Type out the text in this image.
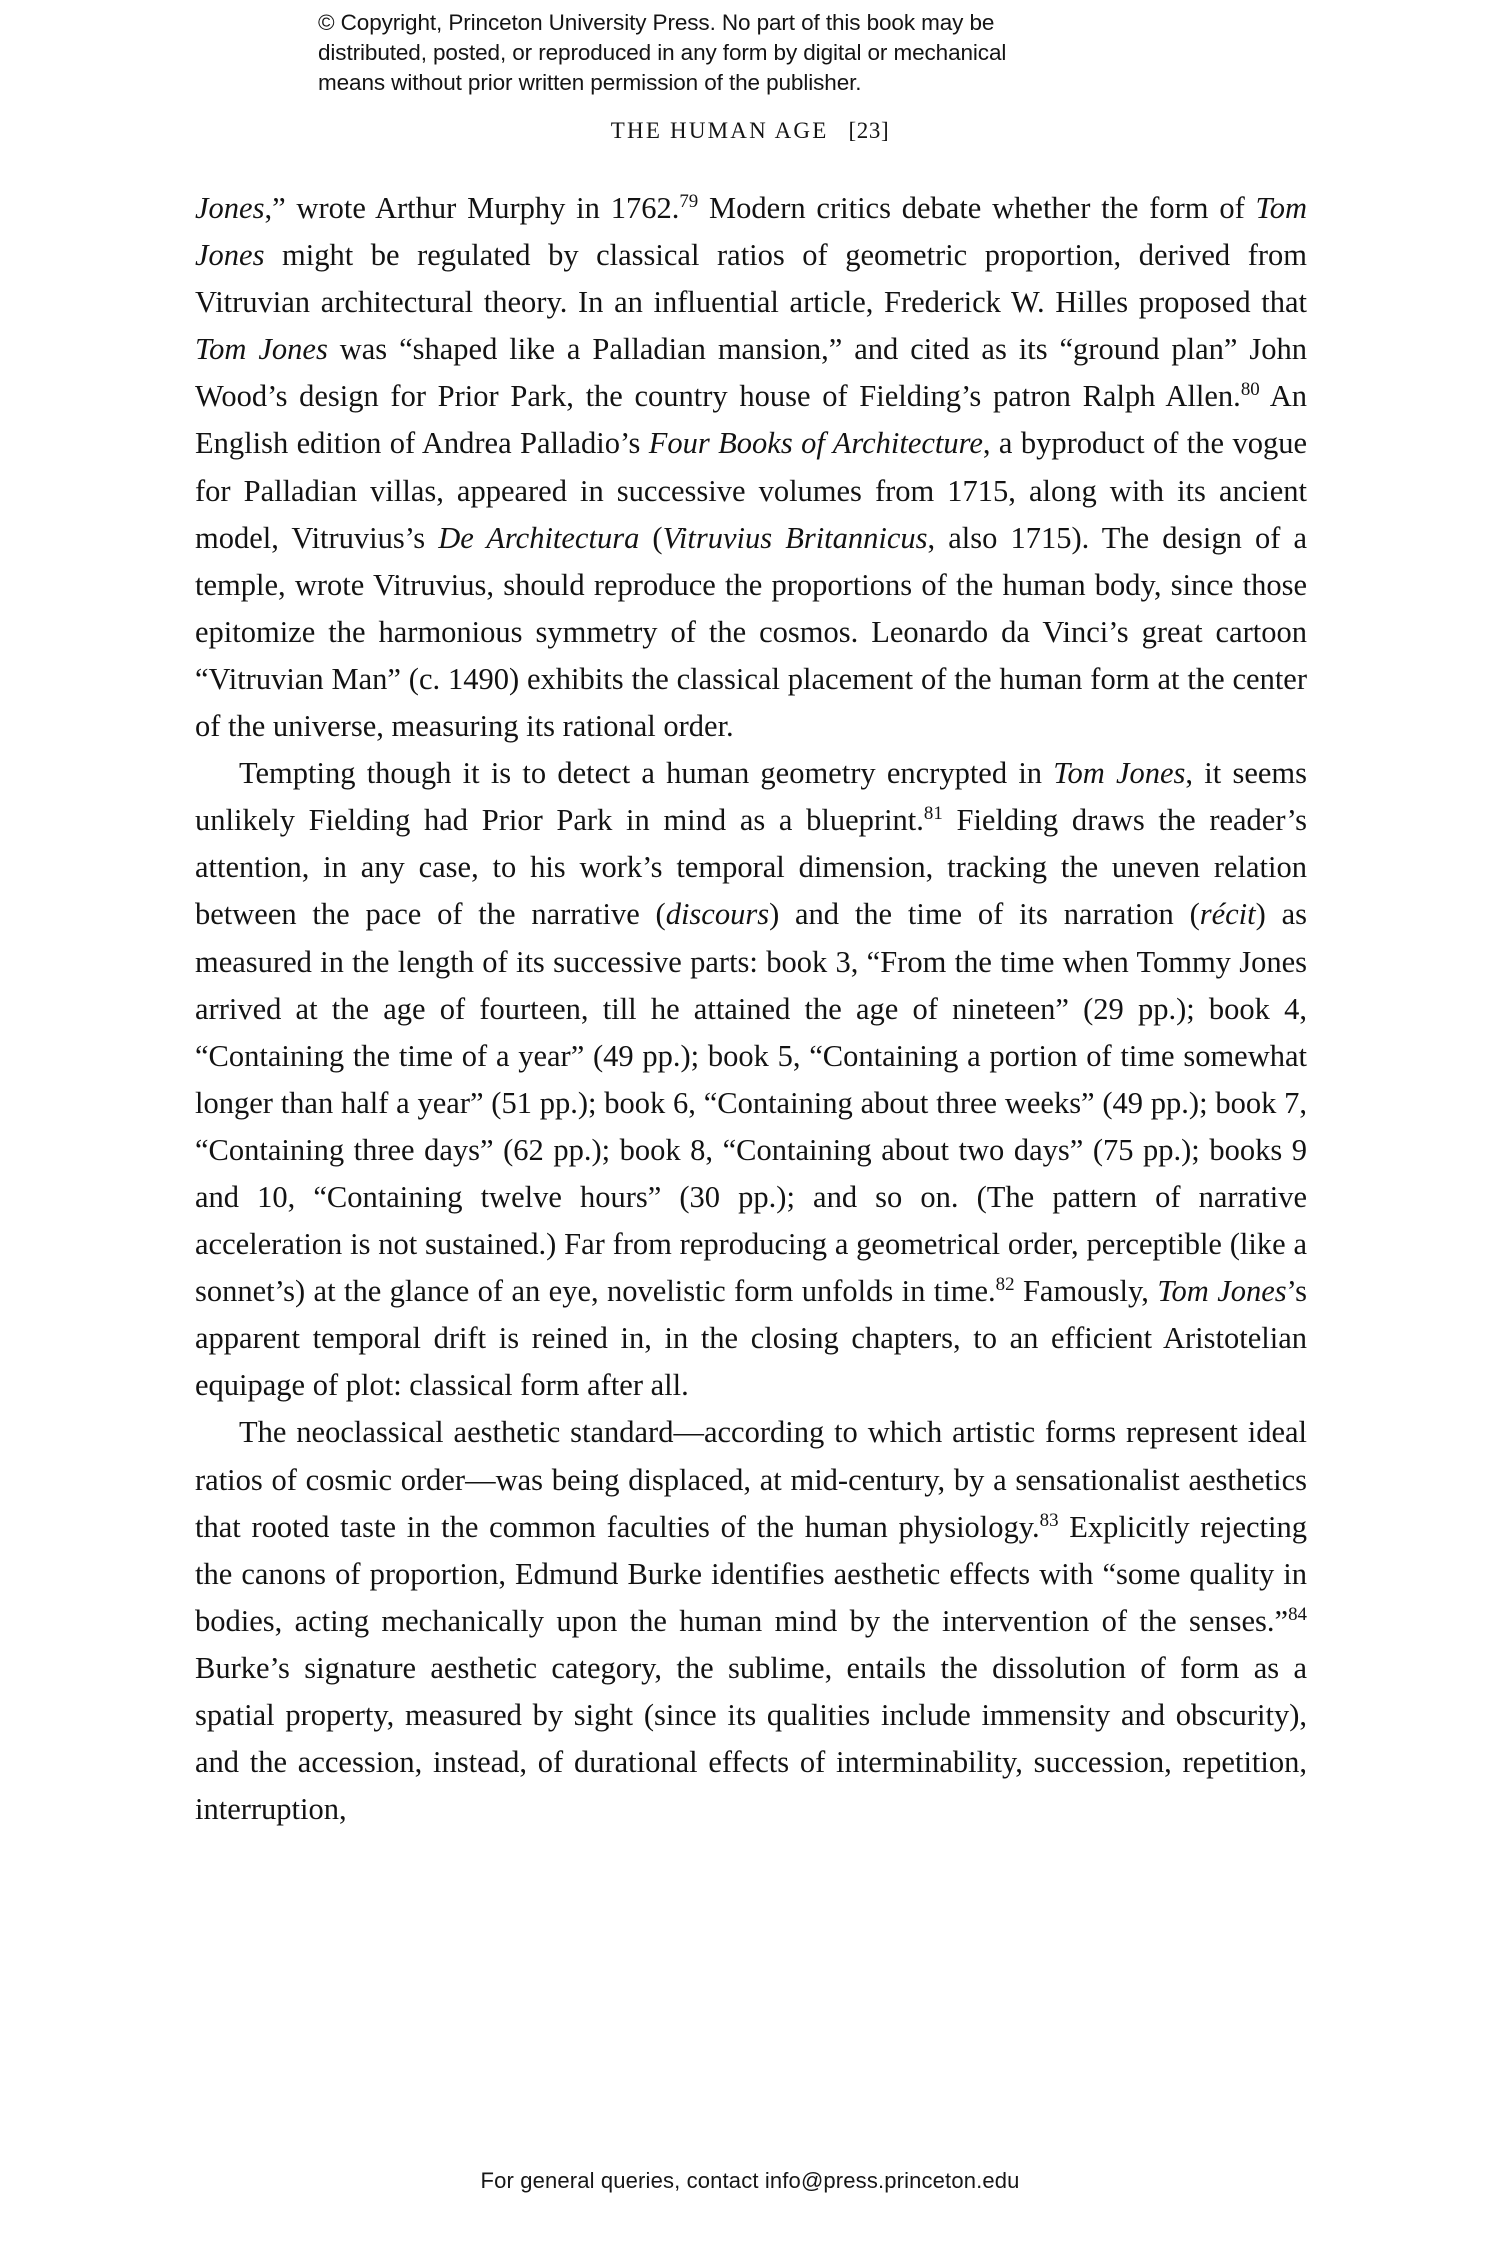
© Copyright, Princeton University Press. No part of this book may be
distributed, posted, or reproduced in any form by digital or mechanical
means without prior written permission of the publisher.
THE HUMAN AGE [23]

Jones,” wrote Arthur Murphy in 1762.79 Modern critics debate whether the form of Tom Jones might be regulated by classical ratios of geometric proportion, derived from Vitruvian architectural theory. In an influential article, Frederick W. Hilles proposed that Tom Jones was “shaped like a Palladian mansion,” and cited as its “ground plan” John Wood’s design for Prior Park, the country house of Fielding’s patron Ralph Allen.$^{80}$ An English edition of Andrea Palladio’s Four Books of Architecture, a byproduct of the vogue for Palladian villas, appeared in successive volumes from 1715, along with its ancient model, Vitruvius’s De Architectura (Vitruvius Britannicus, also 1715). The design of a temple, wrote Vitruvius, should reproduce the proportions of the human body, since those epitomize the harmonious symmetry of the cosmos. Leonardo da Vinci’s great cartoon “Vitruvian Man” (c. 1490) exhibits the classical placement of the human form at the center of the universe, measuring its rational order.

Tempting though it is to detect a human geometry encrypted in Tom Jones, it seems unlikely Fielding had Prior Park in mind as a blueprint.$^{81}$ Fielding draws the reader’s attention, in any case, to his work’s temporal dimension, tracking the uneven relation between the pace of the narrative (discours) and the time of its narration (récit) as measured in the length of its successive parts: book 3, “From the time when Tommy Jones arrived at the age of fourteen, till he attained the age of nineteen” (29 pp.); book 4, “Containing the time of a year” (49 pp.); book 5, “Containing a portion of time somewhat longer than half a year” (51 pp.); book 6, “Containing about three weeks” (49 pp.); book 7, “Containing three days” (62 pp.); book 8, “Containing about two days” (75 pp.); books 9 and 10, “Containing twelve hours” (30 pp.); and so on. (The pattern of narrative acceleration is not sustained.) Far from reproducing a geometrical order, perceptible (like a sonnet’s) at the glance of an eye, novelistic form unfolds in time.$^{82}$ Famously, Tom Jones’s apparent temporal drift is reined in, in the closing chapters, to an efficient Aristotelian equipage of plot: classical form after all.

The neoclassical aesthetic standard—according to which artistic forms represent ideal ratios of cosmic order—was being displaced, at mid-century, by a sensationalist aesthetics that rooted taste in the common faculties of the human physiology.$^{83}$ Explicitly rejecting the canons of proportion, Edmund Burke identifies aesthetic effects with “some quality in bodies, acting mechanically upon the human mind by the intervention of the senses.”$^{84}$ Burke’s signature aesthetic category, the sublime, entails the dissolution of form as a spatial property, measured by sight (since its qualities include immensity and obscurity), and the accession, instead, of durational effects of interminability, succession, repetition, interruption,

For general queries, contact info@press.princeton.edu
